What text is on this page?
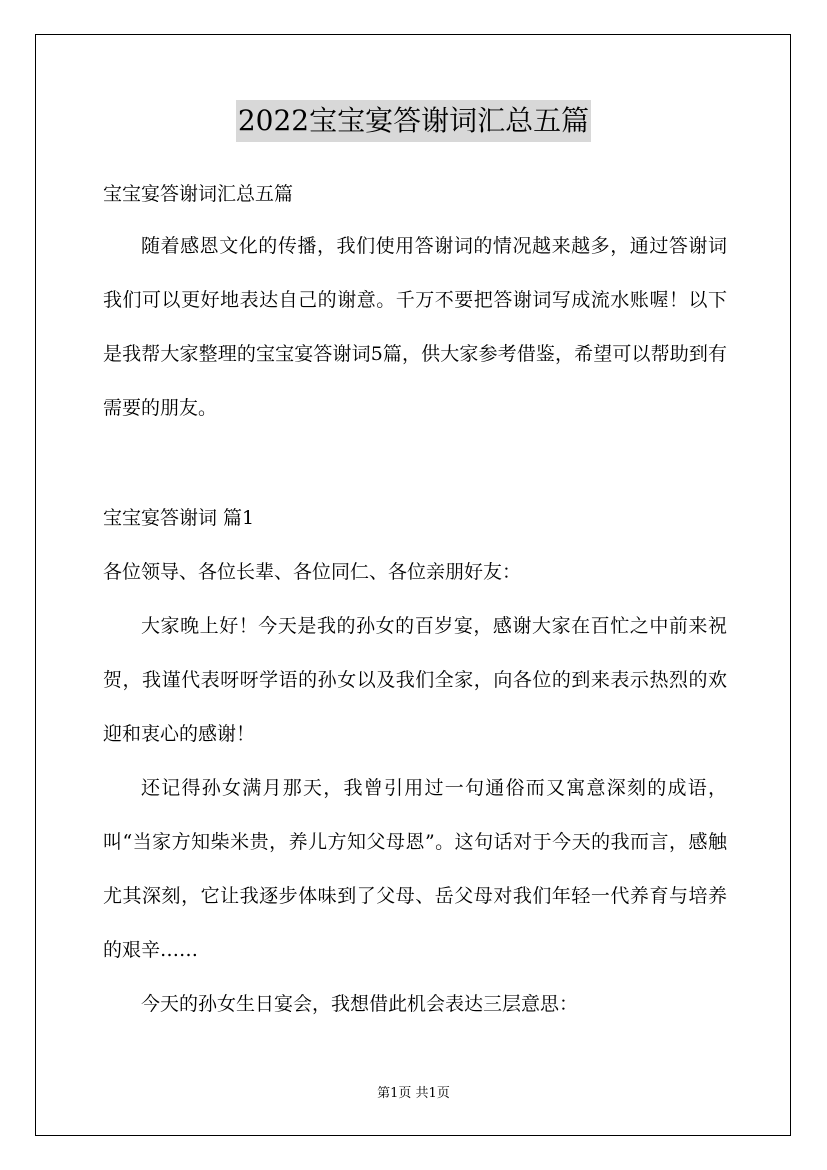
2022宝宝宴答谢词汇总五篇
宝宝宴答谢词汇总五篇
随着感恩文化的传播，我们使用答谢词的情况越来越多，通过答谢词我们可以更好地表达自己的谢意。千万不要把答谢词写成流水账喔！以下是我帮大家整理的宝宝宴答谢词5篇，供大家参考借鉴，希望可以帮助到有需要的朋友。
宝宝宴答谢词 篇1
各位领导、各位长辈、各位同仁、各位亲朋好友：
大家晚上好！今天是我的孙女的百岁宴，感谢大家在百忙之中前来祝贺，我谨代表呀呀学语的孙女以及我们全家，向各位的到来表示热烈的欢迎和衷心的感谢！
还记得孙女满月那天，我曾引用过一句通俗而又寓意深刻的成语，叫“当家方知柴米贵，养儿方知父母恩”。这句话对于今天的我而言，感触尤其深刻，它让我逐步体味到了父母、岳父母对我们年轻一代养育与培养的艰辛……
今天的孙女生日宴会，我想借此机会表达三层意思：
第1页 共1页
